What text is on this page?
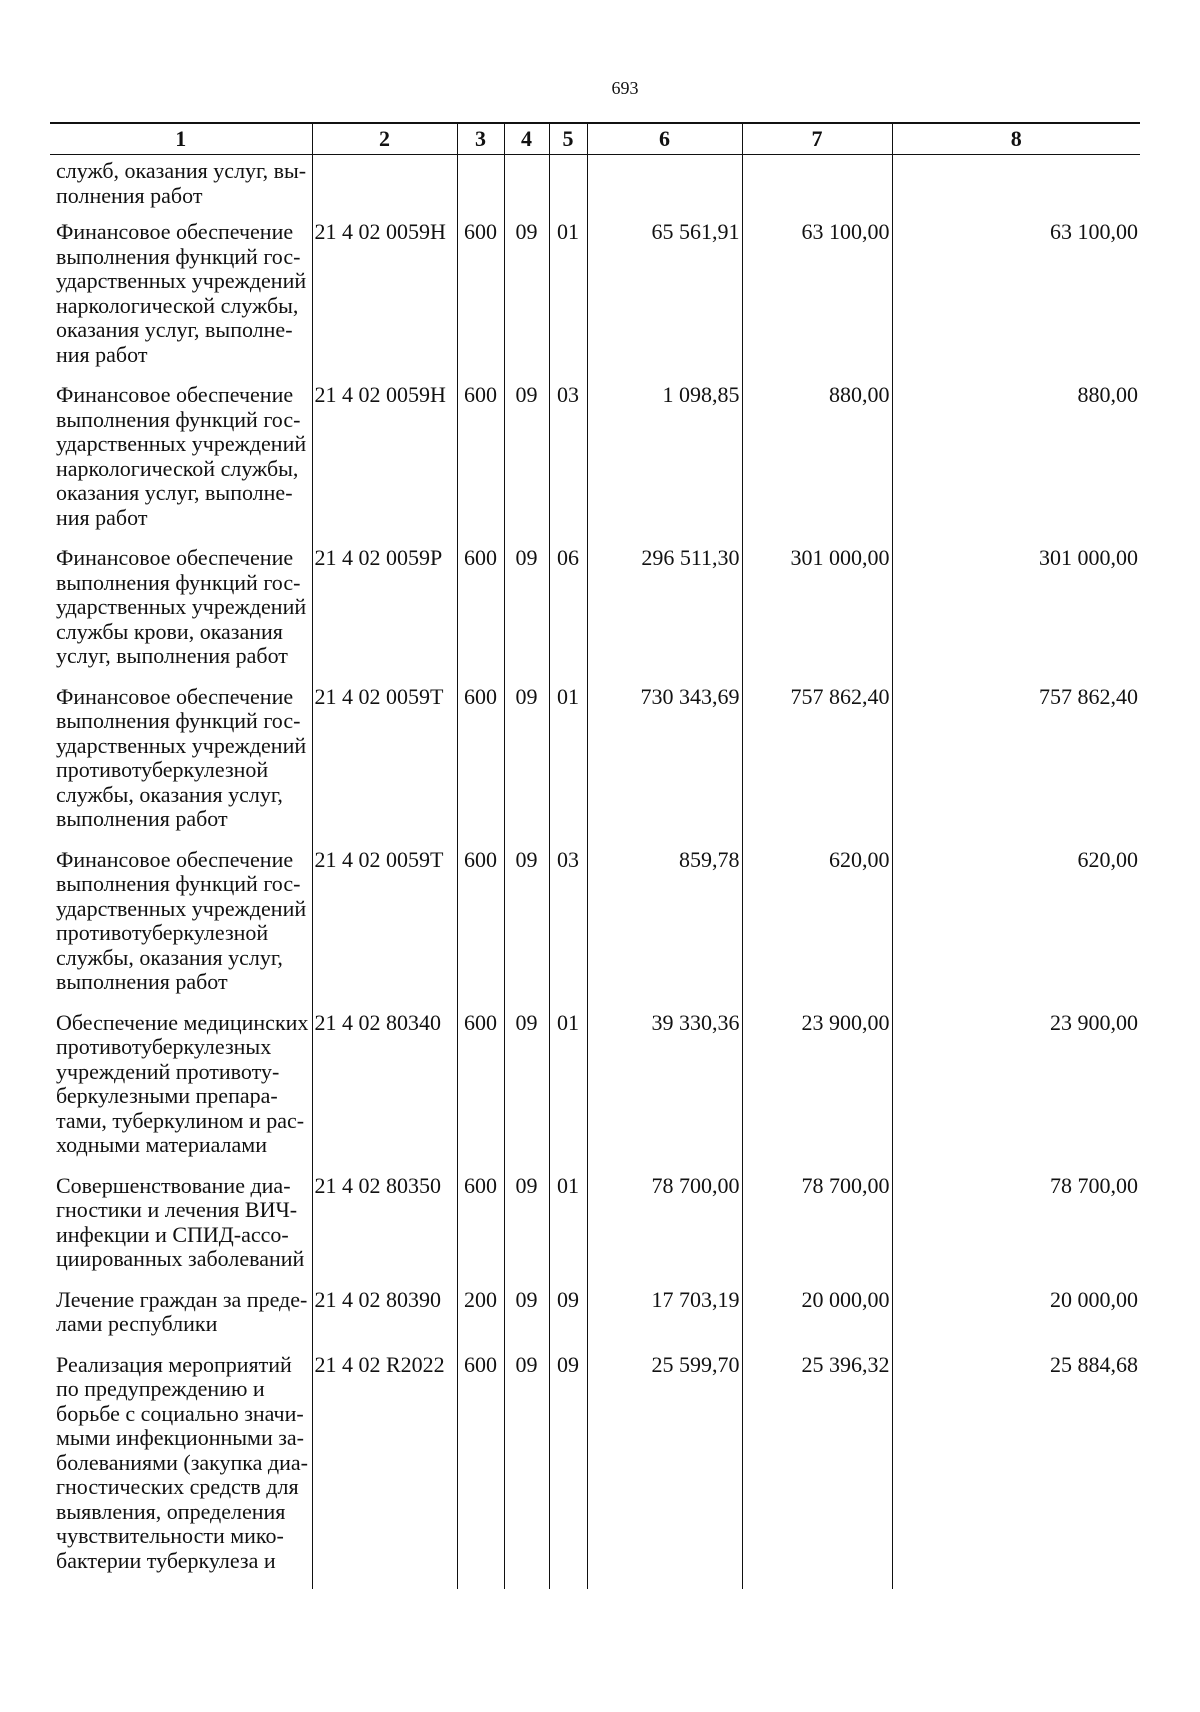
693
1	2	3	4	5	6	7	8
служб, оказания услуг, вы- полнения работ							
Финансовое обеспечение выполнения функций гос- ударственных учреждений наркологической службы, оказания услуг, выполне- ния работ	21 4 02 0059Н	600	09	01	65 561,91	63 100,00	63 100,00
Финансовое обеспечение выполнения функций гос- ударственных учреждений наркологической службы, оказания услуг, выполне- ния работ	21 4 02 0059Н	600	09	03	1 098,85	880,00	880,00
Финансовое обеспечение выполнения функций гос- ударственных учреждений службы крови, оказания услуг, выполнения работ	21 4 02 0059Р	600	09	06	296 511,30	301 000,00	301 000,00
Финансовое обеспечение выполнения функций гос- ударственных учреждений противотуберкулезной службы, оказания услуг, выполнения работ	21 4 02 0059Т	600	09	01	730 343,69	757 862,40	757 862,40
Финансовое обеспечение выполнения функций гос- ударственных учреждений противотуберкулезной службы, оказания услуг, выполнения работ	21 4 02 0059Т	600	09	03	859,78	620,00	620,00
Обеспечение медицинских противотуберкулезных учреждений противоту- беркулезными препара- тами, туберкулином и рас- ходными материалами	21 4 02 80340	600	09	01	39 330,36	23 900,00	23 900,00
Совершенствование диа- гностики и лечения ВИЧ- инфекции и СПИД-ассо- циированных заболеваний	21 4 02 80350	600	09	01	78 700,00	78 700,00	78 700,00
Лечение граждан за преде- лами республики	21 4 02 80390	200	09	09	17 703,19	20 000,00	20 000,00
Реализация мероприятий по предупреждению и борьбе с социально значи- мыми инфекционными за- болеваниями (закупка диа- гностических средств для выявления, определения чувствительности мико- бактерии туберкулеза и	21 4 02 R2022	600	09	09	25 599,70	25 396,32	25 884,68
